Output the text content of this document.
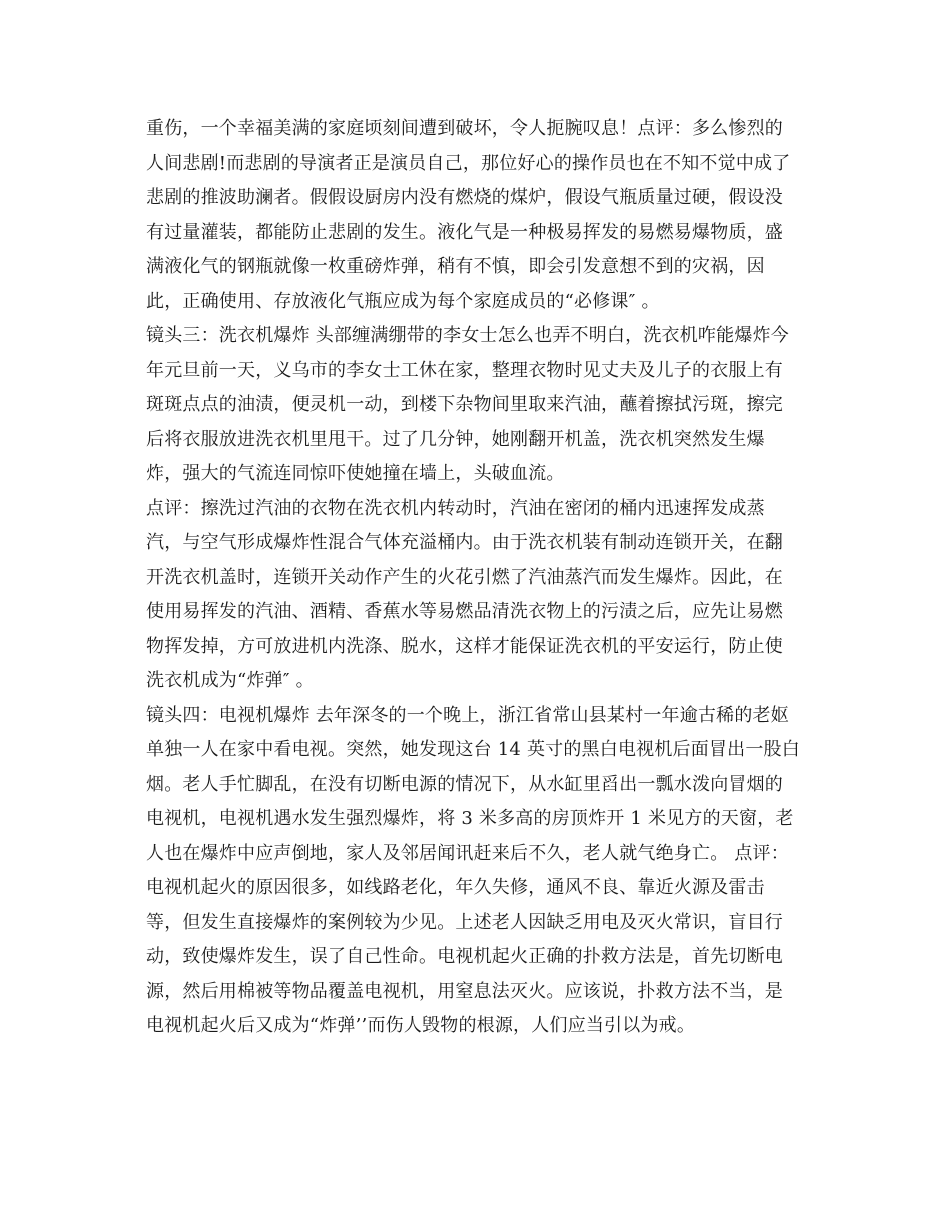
重伤，一个幸福美满的家庭顷刻间遭到破坏，令人扼腕叹息！点评：多么惨烈的
人间悲剧!而悲剧的导演者正是演员自己，那位好心的操作员也在不知不觉中成了
悲剧的推波助澜者。假假设厨房内没有燃烧的煤炉，假设气瓶质量过硬，假设没
有过量灌装，都能防止悲剧的发生。液化气是一种极易挥发的易燃易爆物质，盛
满液化气的钢瓶就像一枚重磅炸弹，稍有不慎，即会引发意想不到的灾祸，因
此，正确使用、存放液化气瓶应成为每个家庭成员的“必修课″ 。
镜头三：洗衣机爆炸 头部缠满绷带的李女士怎么也弄不明白，洗衣机咋能爆炸今
年元旦前一天，义乌市的李女士工休在家，整理衣物时见丈夫及儿子的衣服上有
斑斑点点的油渍，便灵机一动，到楼下杂物间里取来汽油，蘸着擦拭污斑，擦完
后将衣服放进洗衣机里甩干。过了几分钟，她刚翻开机盖，洗衣机突然发生爆
炸，强大的气流连同惊吓使她撞在墙上，头破血流。
点评：擦洗过汽油的衣物在洗衣机内转动时，汽油在密闭的桶内迅速挥发成蒸
汽，与空气形成爆炸性混合气体充溢桶内。由于洗衣机装有制动连锁开关，在翻
开洗衣机盖时，连锁开关动作产生的火花引燃了汽油蒸汽而发生爆炸。因此，在
使用易挥发的汽油、酒精、香蕉水等易燃品清洗衣物上的污渍之后，应先让易燃
物挥发掉，方可放进机内洗涤、脱水，这样才能保证洗衣机的平安运行，防止使
洗衣机成为“炸弹″ 。
镜头四：电视机爆炸 去年深冬的一个晚上，浙江省常山县某村一年逾古稀的老妪
单独一人在家中看电视。突然，她发现这台 14 英寸的黑白电视机后面冒出一股白
烟。老人手忙脚乱，在没有切断电源的情况下，从水缸里舀出一瓢水泼向冒烟的
电视机，电视机遇水发生强烈爆炸，将 3 米多高的房顶炸开 1 米见方的天窗，老
人也在爆炸中应声倒地，家人及邻居闻讯赶来后不久，老人就气绝身亡。 点评：
电视机起火的原因很多，如线路老化，年久失修，通风不良、靠近火源及雷击
等，但发生直接爆炸的案例较为少见。上述老人因缺乏用电及灭火常识，盲目行
动，致使爆炸发生，误了自己性命。电视机起火正确的扑救方法是，首先切断电
源，然后用棉被等物品覆盖电视机，用窒息法灭火。应该说，扑救方法不当，是
电视机起火后又成为“炸弹’’而伤人毁物的根源，人们应当引以为戒。
